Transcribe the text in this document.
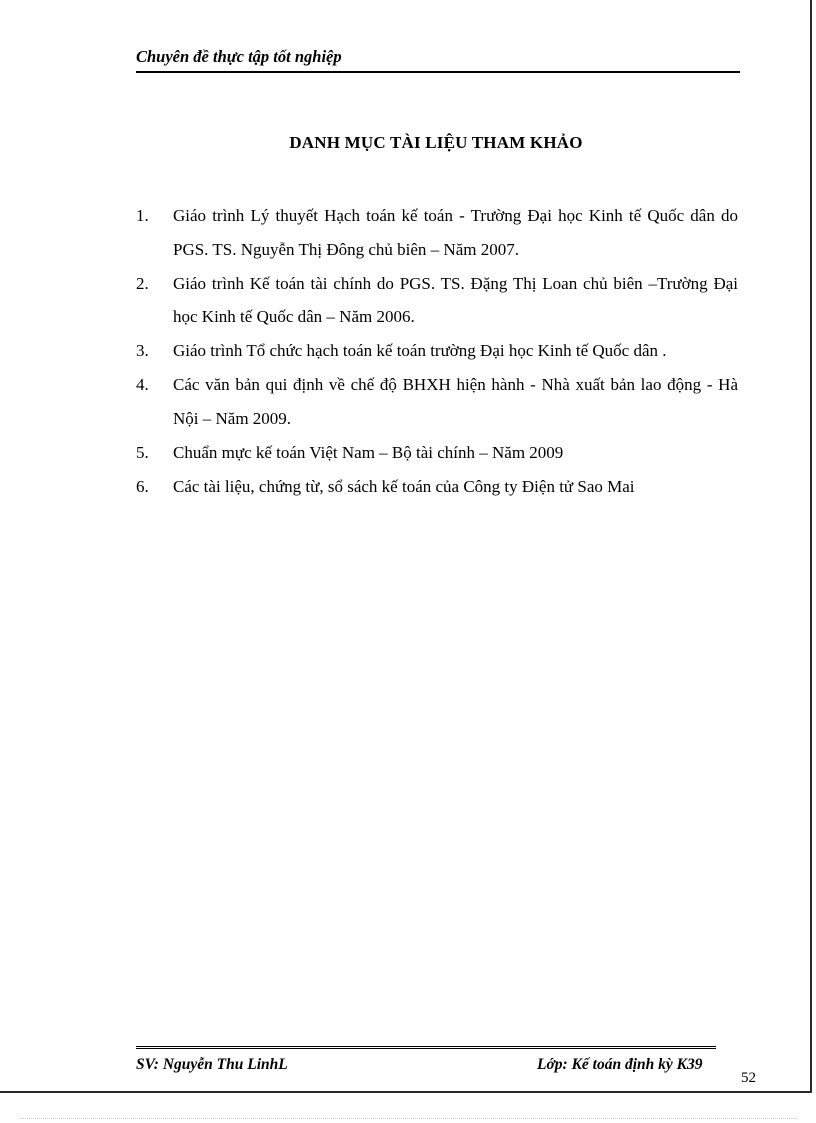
Chuyên đề thực tập tốt nghiệp
DANH MỤC TÀI LIỆU THAM KHẢO
1.	Giáo trình Lý thuyết Hạch toán kế toán - Trường Đại học Kinh tế Quốc dân do PGS. TS. Nguyễn Thị Đông chủ biên – Năm 2007.
2.	Giáo trình Kế toán tài chính do PGS. TS. Đặng Thị Loan chủ biên –Trường Đại học Kinh tế Quốc dân – Năm 2006.
3.	Giáo trình Tổ chức hạch toán kế toán trường Đại học Kinh tế Quốc dân .
4.	Các văn bản qui định về chế độ BHXH hiện hành - Nhà xuất bản lao động - Hà Nội – Năm 2009.
5.	Chuẩn mực kế toán Việt Nam – Bộ tài chính – Năm 2009
6.	Các tài liệu, chứng từ, sổ sách kế toán của Công ty Điện tử Sao Mai
SV: Nguyễn Thu LinhL	Lớp: Kế toán định kỳ K39
52
